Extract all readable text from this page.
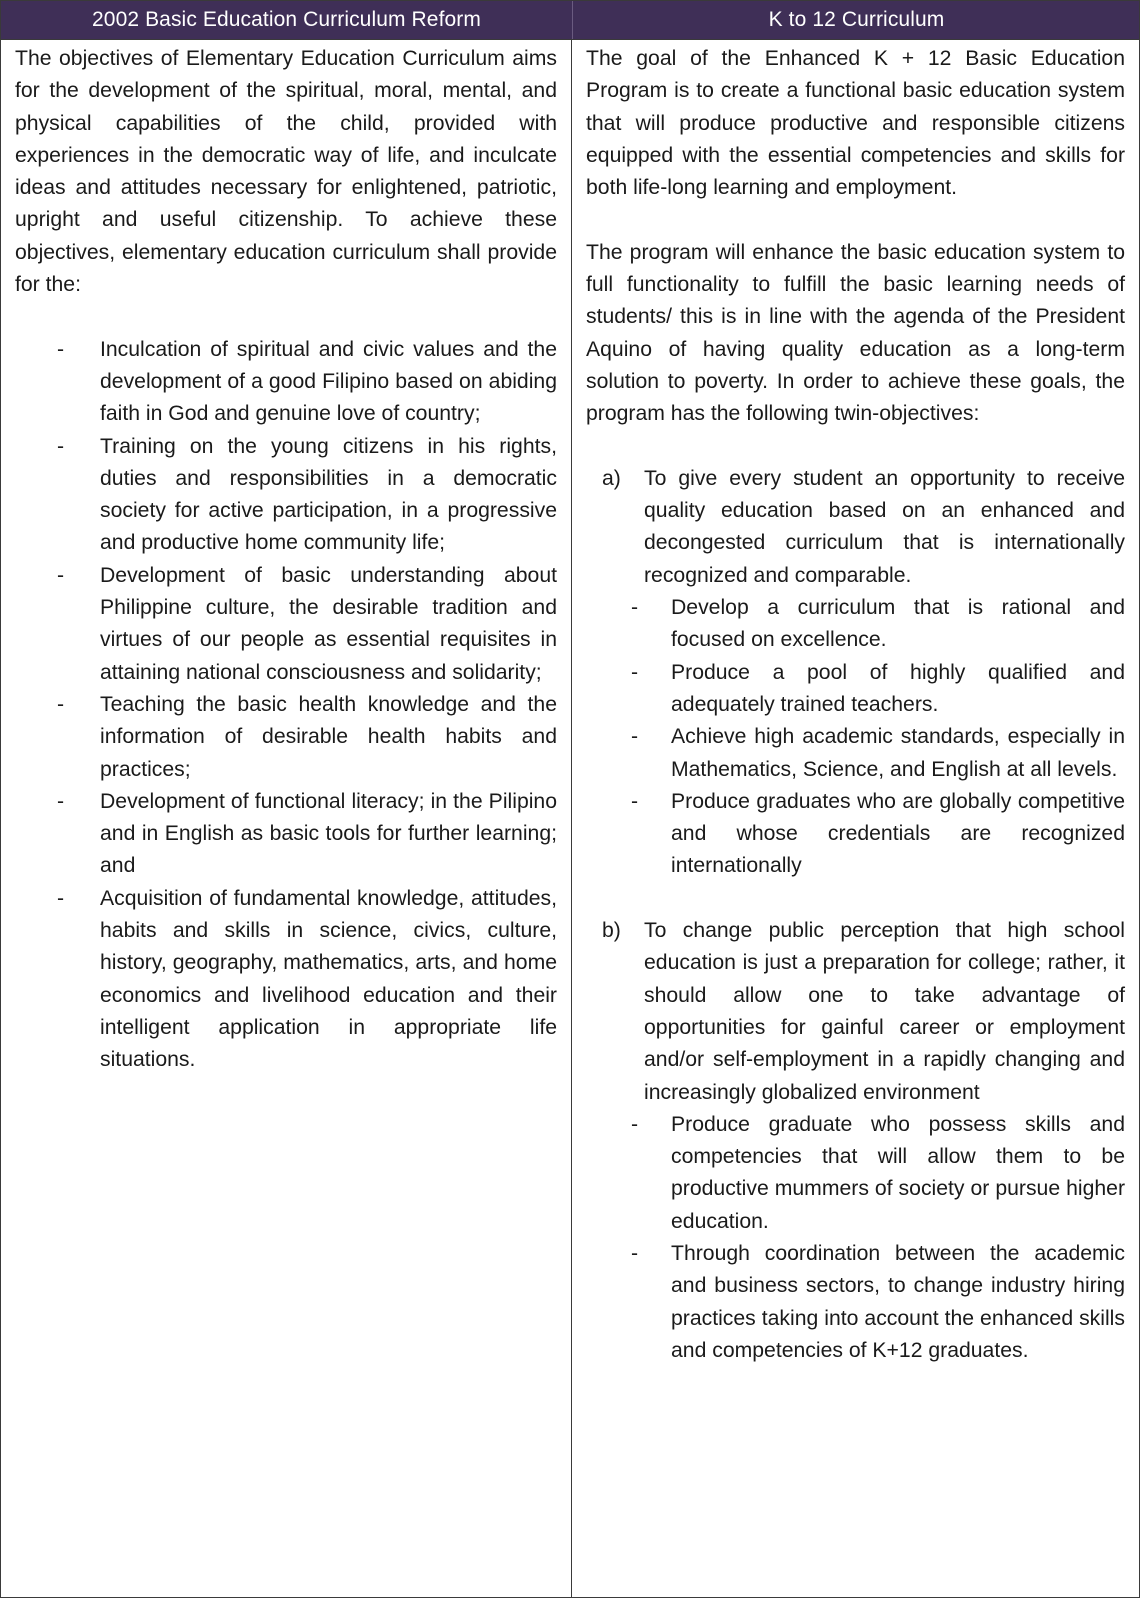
2002 Basic Education Curriculum Reform	K to 12 Curriculum

The objectives of Elementary Education Curriculum aims for the development of the spiritual, moral, mental, and physical capabilities of the child, provided with experiences in the democratic way of life, and inculcate ideas and attitudes necessary for enlightened, patriotic, upright and useful citizenship. To achieve these objectives, elementary education curriculum shall provide for the:

- Inculcation of spiritual and civic values and the development of a good Filipino based on abiding faith in God and genuine love of country;
- Training on the young citizens in his rights, duties and responsibilities in a democratic society for active participation, in a progressive and productive home community life;
- Development of basic understanding about Philippine culture, the desirable tradition and virtues of our people as essential requisites in attaining national consciousness and solidarity;
- Teaching the basic health knowledge and the information of desirable health habits and practices;
- Development of functional literacy; in the Pilipino and in English as basic tools for further learning; and
- Acquisition of fundamental knowledge, attitudes, habits and skills in science, civics, culture, history, geography, mathematics, arts, and home economics and livelihood education and their intelligent application in appropriate life situations.

The goal of the Enhanced K + 12 Basic Education Program is to create a functional basic education system that will produce productive and responsible citizens equipped with the essential competencies and skills for both life-long learning and employment.

The program will enhance the basic education system to full functionality to fulfill the basic learning needs of students/ this is in line with the agenda of the President Aquino of having quality education as a long-term solution to poverty. In order to achieve these goals, the program has the following twin-objectives:

a) To give every student an opportunity to receive quality education based on an enhanced and decongested curriculum that is internationally recognized and comparable.
- Develop a curriculum that is rational and focused on excellence.
- Produce a pool of highly qualified and adequately trained teachers.
- Achieve high academic standards, especially in Mathematics, Science, and English at all levels.
- Produce graduates who are globally competitive and whose credentials are recognized internationally
b) To change public perception that high school education is just a preparation for college; rather, it should allow one to take advantage of opportunities for gainful career or employment and/or self-employment in a rapidly changing and increasingly globalized environment
- Produce graduate who possess skills and competencies that will allow them to be productive mummers of society or pursue higher education.
- Through coordination between the academic and business sectors, to change industry hiring practices taking into account the enhanced skills and competencies of K+12 graduates.
